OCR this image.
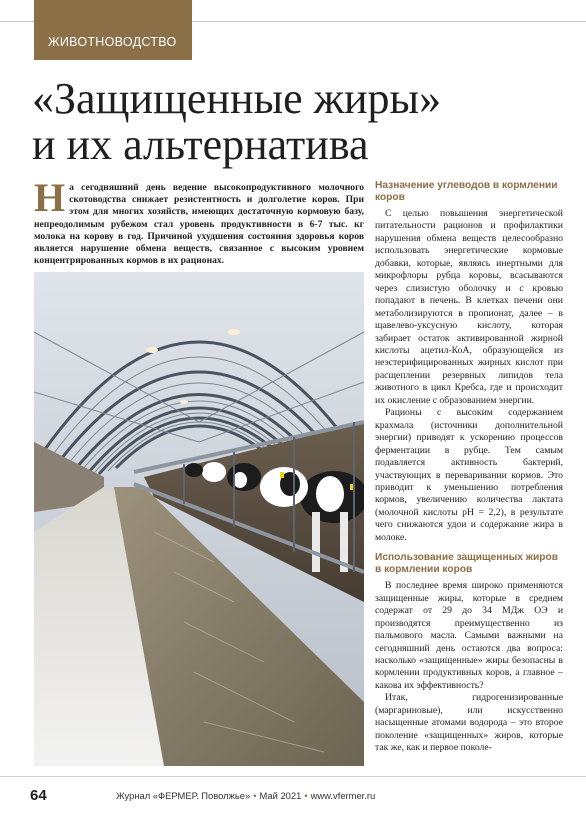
ЖИВОТНОВОДСТВО
«Защищенные жиры»
и их альтернатива
На сегодняшний день ведение высокопродуктивного молочного скотоводства снижает резистентность и долголетие коров. При этом для многих хозяйств, имеющих достаточную кормовую базу, непреодолимым рубежом стал уровень продуктивности в 6-7 тыс. кг молока на корову в год. Причиной ухудшения состояния здоровья коров является нарушение обмена веществ, связанное с высоким уровнем концентрированных кормов в их рационах.
Назначение углеводов в кормлении коров

С целью повышения энергетической питательности рационов и профилактики нарушения обмена веществ целесообразно использовать энергетические кормовые добавки, которые, являясь инертными для микрофлоры рубца коровы, всасываются через слизистую оболочку и с кровью попадают в печень. В клетках печени они метаболизируются в пропионат, далее – в щавелево-уксусную кислоту, которая забирает остаток активированной жирной кислоты ацетил-КоА, образующейся из неэстерифицированных жирных кислот при расщеплении резервных липидов тела животного в цикл Кребса, где и происходит их окисление с образованием энергии.

Рационы с высоким содержанием крахмала (источники дополнительной энергии) приводят к ускорению процессов ферментации в рубце. Тем самым подавляется активность бактерий, участвующих в переваривании кормов. Это приводит к уменьшению потребления кормов, увеличению количества лактата (молочной кислоты pH = 2,2), в результате чего снижаются удои и содержание жира в молоке.

Использование защищенных жиров в кормлении коров

В последнее время широко применяются защищенные жиры, которые в среднем содержат от 29 до 34 МДж ОЭ и производятся преимущественно из пальмового масла. Самыми важными на сегодняшний день остаются два вопроса: насколько «защищенные» жиры безопасны в кормлении продуктивных коров, а главное – какова их эффективность?

Итак, гидрогенизированные (маргариновые), или искусственно насыщенные атомами водорода – это второе поколение «защищенных» жиров, которые так же, как и первое поколе-

64	Журнал «ФЕРМЕР. Поволжье» • Май 2021 • www.vfermer.ru
